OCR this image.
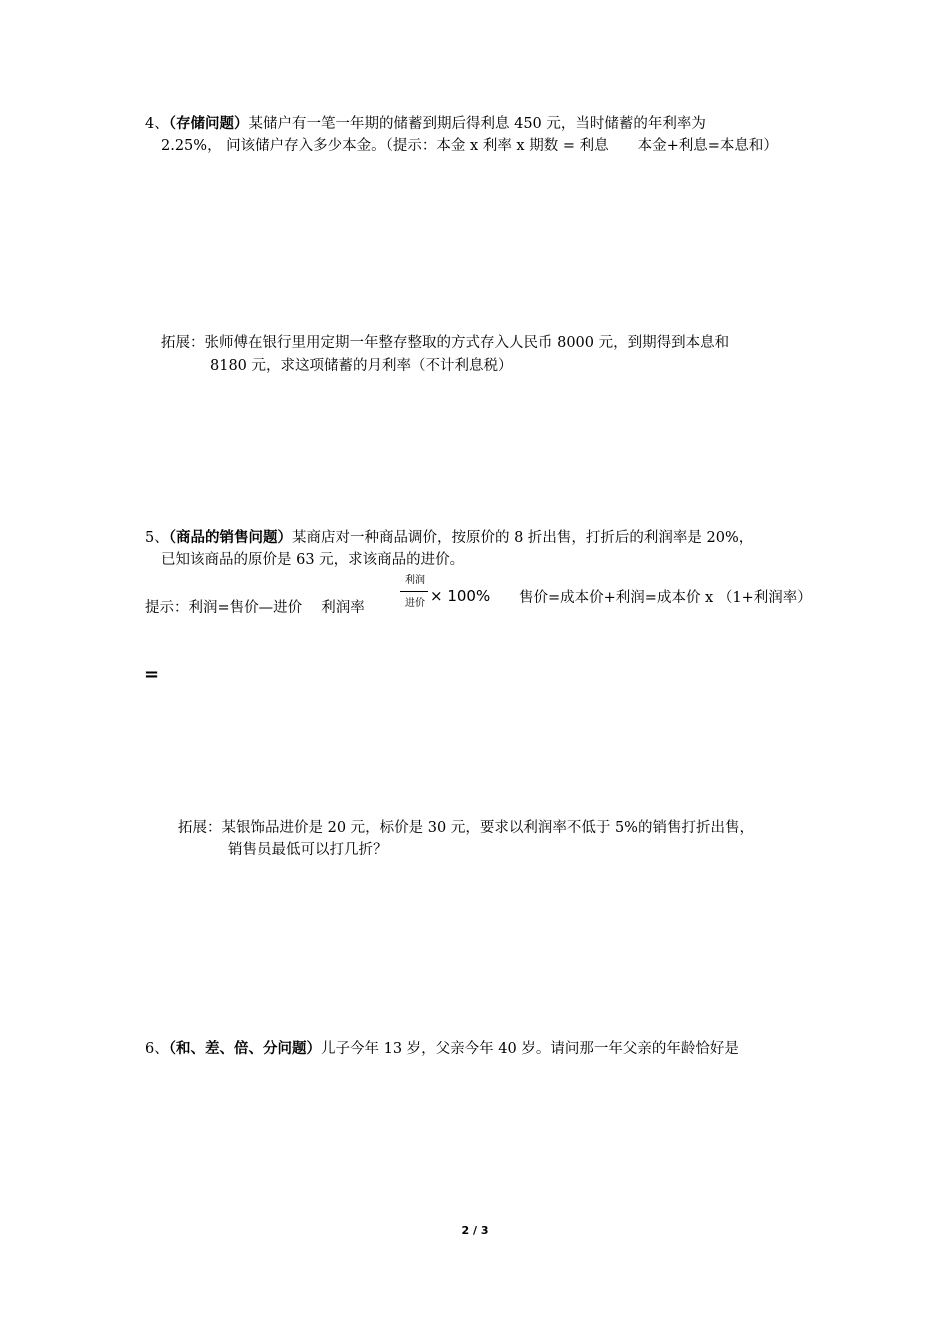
4、（存储问题）某储户有一笔一年期的储蓄到期后得利息 450 元，当时储蓄的年利率为
2.25%， 问该储户存入多少本金。（提示：本金 x 利率 x 期数 = 利息　　本金+利息=本息和）
拓展：张师傅在银行里用定期一年整存整取的方式存入人民币 8000 元，到期得到本息和
8180 元，求这项储蓄的月利率（不计利息税）
5、（商品的销售问题）某商店对一种商品调价，按原价的 8 折出售，打折后的利润率是 20%，
已知该商品的原价是 63 元，求该商品的进价。
提示：利润=售价—进价　 利润率
利润
进价 × 100% 售价=成本价+利润=成本价 x （1+利润率）
=
拓展：某银饰品进价是 20 元，标价是 30 元，要求以利润率不低于 5%的销售打折出售，
销售员最低可以打几折？
6、（和、差、倍、分问题）儿子今年 13 岁，父亲今年 40 岁。请问那一年父亲的年龄恰好是
2 / 3
